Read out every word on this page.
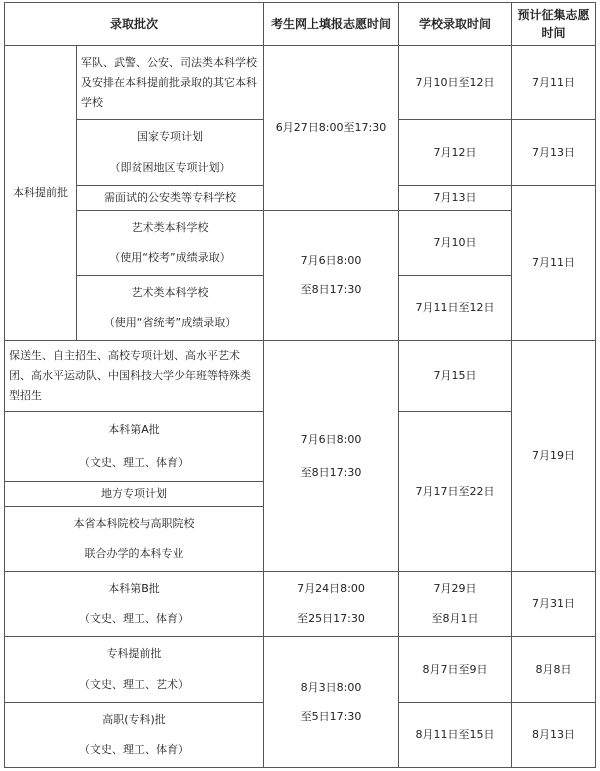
录取批次	考生网上填报志愿时间 学校录取时间
预计征集志愿时间
本科提前批
军队、武警、公安、司法类本科学校及安排在本科提前批录取的其它本科学校
国家专项计划
（即贫困地区专项计划）
需面试的公安类等专科学校
艺术类本科学校
（使用“校考”成绩录取）
艺术类本科学校
（使用“省统考”成绩录取）
6月27日8:00至17:30
7月6日8:00
至8日17:30
7月10日至12日
7月12日
7月13日
7月10日
7月11日至12日
7月11日
7月13日
7月11日
保送生、自主招生、高校专项计划、高水平艺术团、高水平运动队、中国科技大学少年班等特殊类型招生
本科第A批
（文史、理工、体育）
地方专项计划
本省本科院校与高职院校
联合办学的本科专业
7月6日8:00
至8日17:30
7月15日
7月17日至22日
7月19日
本科第B批
（文史、理工、体育）
7月24日8:00
至25日17:30
7月29日
至8月1日
7月31日
专科提前批
（文史、理工、艺术）
高职(专科)批
（文史、理工、体育）
8月3日8:00
至5日17:30
8月7日至9日
8月11日至15日
8月8日
8月13日
